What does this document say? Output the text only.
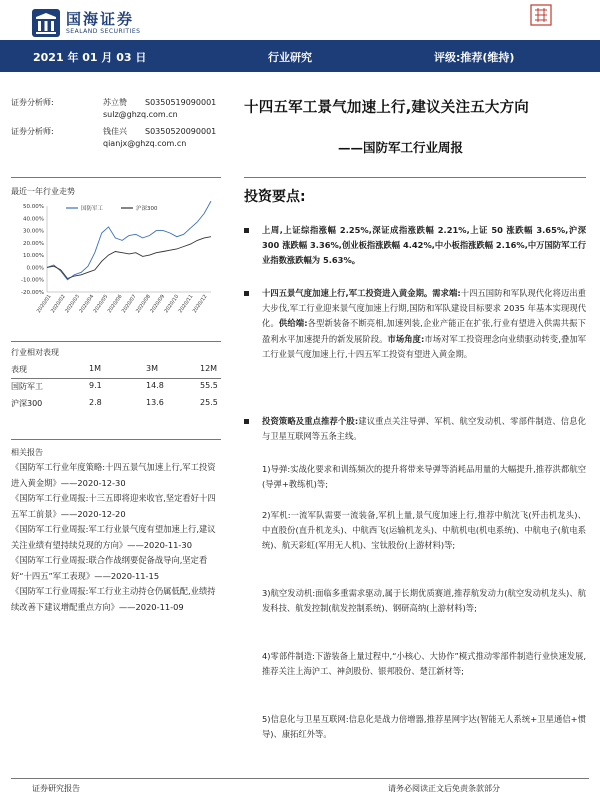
国海证券
SEALAND SECURITIES
2021 年 01 月 03 日	行业研究	评级:推荐(维持)
证券分析师:	苏立赞	S0350519090001
sulz@ghzq.com.cn
证券分析师:	钱佳兴	S0350520090001
qianjx@ghzq.com.cn
十四五军工景气加速上行,建议关注五大方向
——国防军工行业周报
最近一年行业走势
50.00%
40.00%
30.00%
20.00%
10.00%
0.00%
-10.00%
-20.00%
2020/01
2020/02
2020/03
2020/04
2020/05
2020/06
2020/07
2020/08
2020/09
2020/10
2020/11
2020/12
国防军工	沪深300
行业相对表现
表现	1M	3M	12M
国防军工	9.1	14.8	55.5
沪深300	2.8	13.6	25.5
相关报告
《国防军工行业年度策略:十四五景气加速上行,军工投资进入黄金期》——2020-12-30
《国防军工行业周报:十三五即将迎来收官,坚定看好十四五军工前景》——2020-12-20
《国防军工行业周报:军工行业景气度有望加速上行,建议关注业绩有望持续兑现的方向》——2020-11-30
《国防军工行业周报:联合作战纲要促备战导向,坚定看好“十四五”军工表现》——2020-11-15
《国防军工行业周报:军工行业主动持仓仍属低配,业绩持续改善下建议增配重点方向》——2020-11-09
投资要点:
上周,上证综指涨幅 2.25%,深证成指涨跌幅 2.21%,上证 50 涨跌幅 3.65%,沪深 300 涨跌幅 3.36%,创业板指涨跌幅 4.42%,中小板指涨跌幅 2.16%,中万国防军工行业指数涨跌幅为 5.63%。
十四五景气度加速上行,军工投资进入黄金期。需求端:十四五国防和军队现代化将迈出重大步伐,军工行业迎来景气度加速上行期,国防和军队建设目标要求 2035 年基本实现现代化。供给端:各型新装备不断亮相,加速列装,企业产能正在扩张,行业有望进入供需共振下盈利水平加速提升的新发展阶段。市场角度:市场对军工投资理念向业绩驱动转变,叠加军工行业景气度加速上行,十四五军工投资有望进入黄金期。
投资策略及重点推荐个股:建议重点关注导弹、军机、航空发动机、零部件制造、信息化与卫星互联网等五条主线。
1)导弹:实战化要求和训练频次的提升将带来导弹等消耗品用量的大幅提升,推荐洪都航空(导弹+教练机)等;
2)军机:一流军队需要一流装备,军机上量,景气度加速上行,推荐中航沈飞(歼击机龙头)、中直股份(直升机龙头)、中航西飞(运输机龙头)、中航机电(机电系统)、中航电子(航电系统)、航天彩虹(军用无人机)、宝钛股份(上游材料)等;
3)航空发动机:面临多重需求驱动,属于长期优质赛道,推荐航发动力(航空发动机龙头)、航发科技、航发控制(航发控制系统)、钢研高纳(上游材料)等;
4)零部件制造:下游装备上量过程中,“小核心、大协作”模式推动零部件制造行业快速发展,推荐关注上海沪工、神剑股份、银邦股份、楚江新材等;
5)信息化与卫星互联网:信息化是战力倍增器,推荐星网宇达(智能无人系统+卫星通信+惯导)、康拓红外等。
证券研究报告	请务必阅读正文后免责条款部分
